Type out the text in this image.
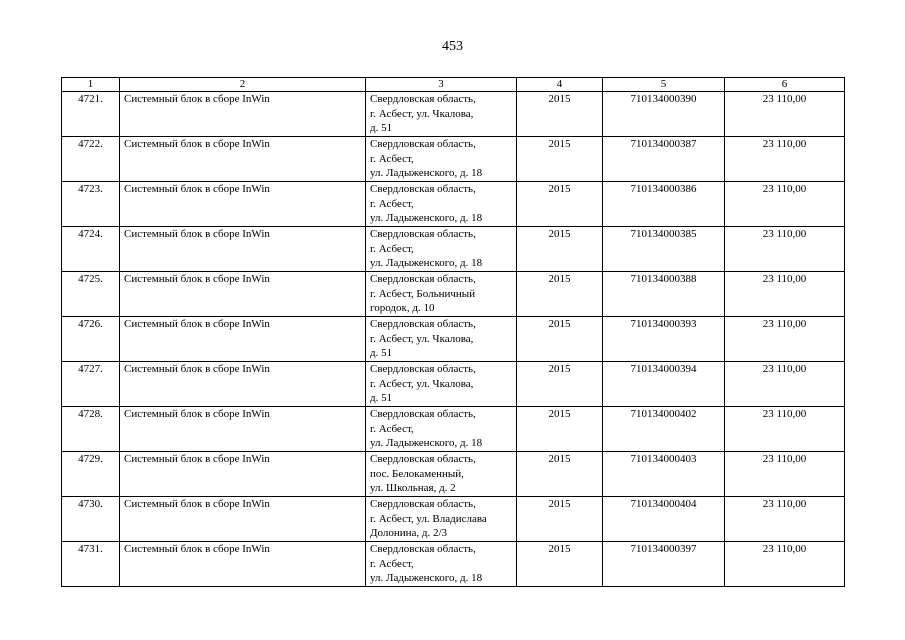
453
1	2	3	4	5	6
4721.	Системный блок в сборе InWin	Свердловская область,
г. Асбест, ул. Чкалова,
д. 51	2015	710134000390	23 110,00
4722.	Системный блок в сборе InWin	Свердловская область,
г. Асбест,
ул. Ладыженского, д. 18	2015	710134000387	23 110,00
4723.	Системный блок в сборе InWin	Свердловская область,
г. Асбест,
ул. Ладыженского, д. 18	2015	710134000386	23 110,00
4724.	Системный блок в сборе InWin	Свердловская область,
г. Асбест,
ул. Ладыженского, д. 18	2015	710134000385	23 110,00
4725.	Системный блок в сборе InWin	Свердловская область,
г. Асбест, Больничный
городок, д. 10	2015	710134000388	23 110,00
4726.	Системный блок в сборе InWin	Свердловская область,
г. Асбест, ул. Чкалова,
д. 51	2015	710134000393	23 110,00
4727.	Системный блок в сборе InWin	Свердловская область,
г. Асбест, ул. Чкалова,
д. 51	2015	710134000394	23 110,00
4728.	Системный блок в сборе InWin	Свердловская область,
г. Асбест,
ул. Ладыженского, д. 18	2015	710134000402	23 110,00
4729.	Системный блок в сборе InWin	Свердловская область,
пос. Белокаменный,
ул. Школьная, д. 2	2015	710134000403	23 110,00
4730.	Системный блок в сборе InWin	Свердловская область,
г. Асбест, ул. Владислава
Долонина, д. 2/3	2015	710134000404	23 110,00
4731.	Системный блок в сборе InWin	Свердловская область,
г. Асбест,
ул. Ладыженского, д. 18	2015	710134000397	23 110,00
